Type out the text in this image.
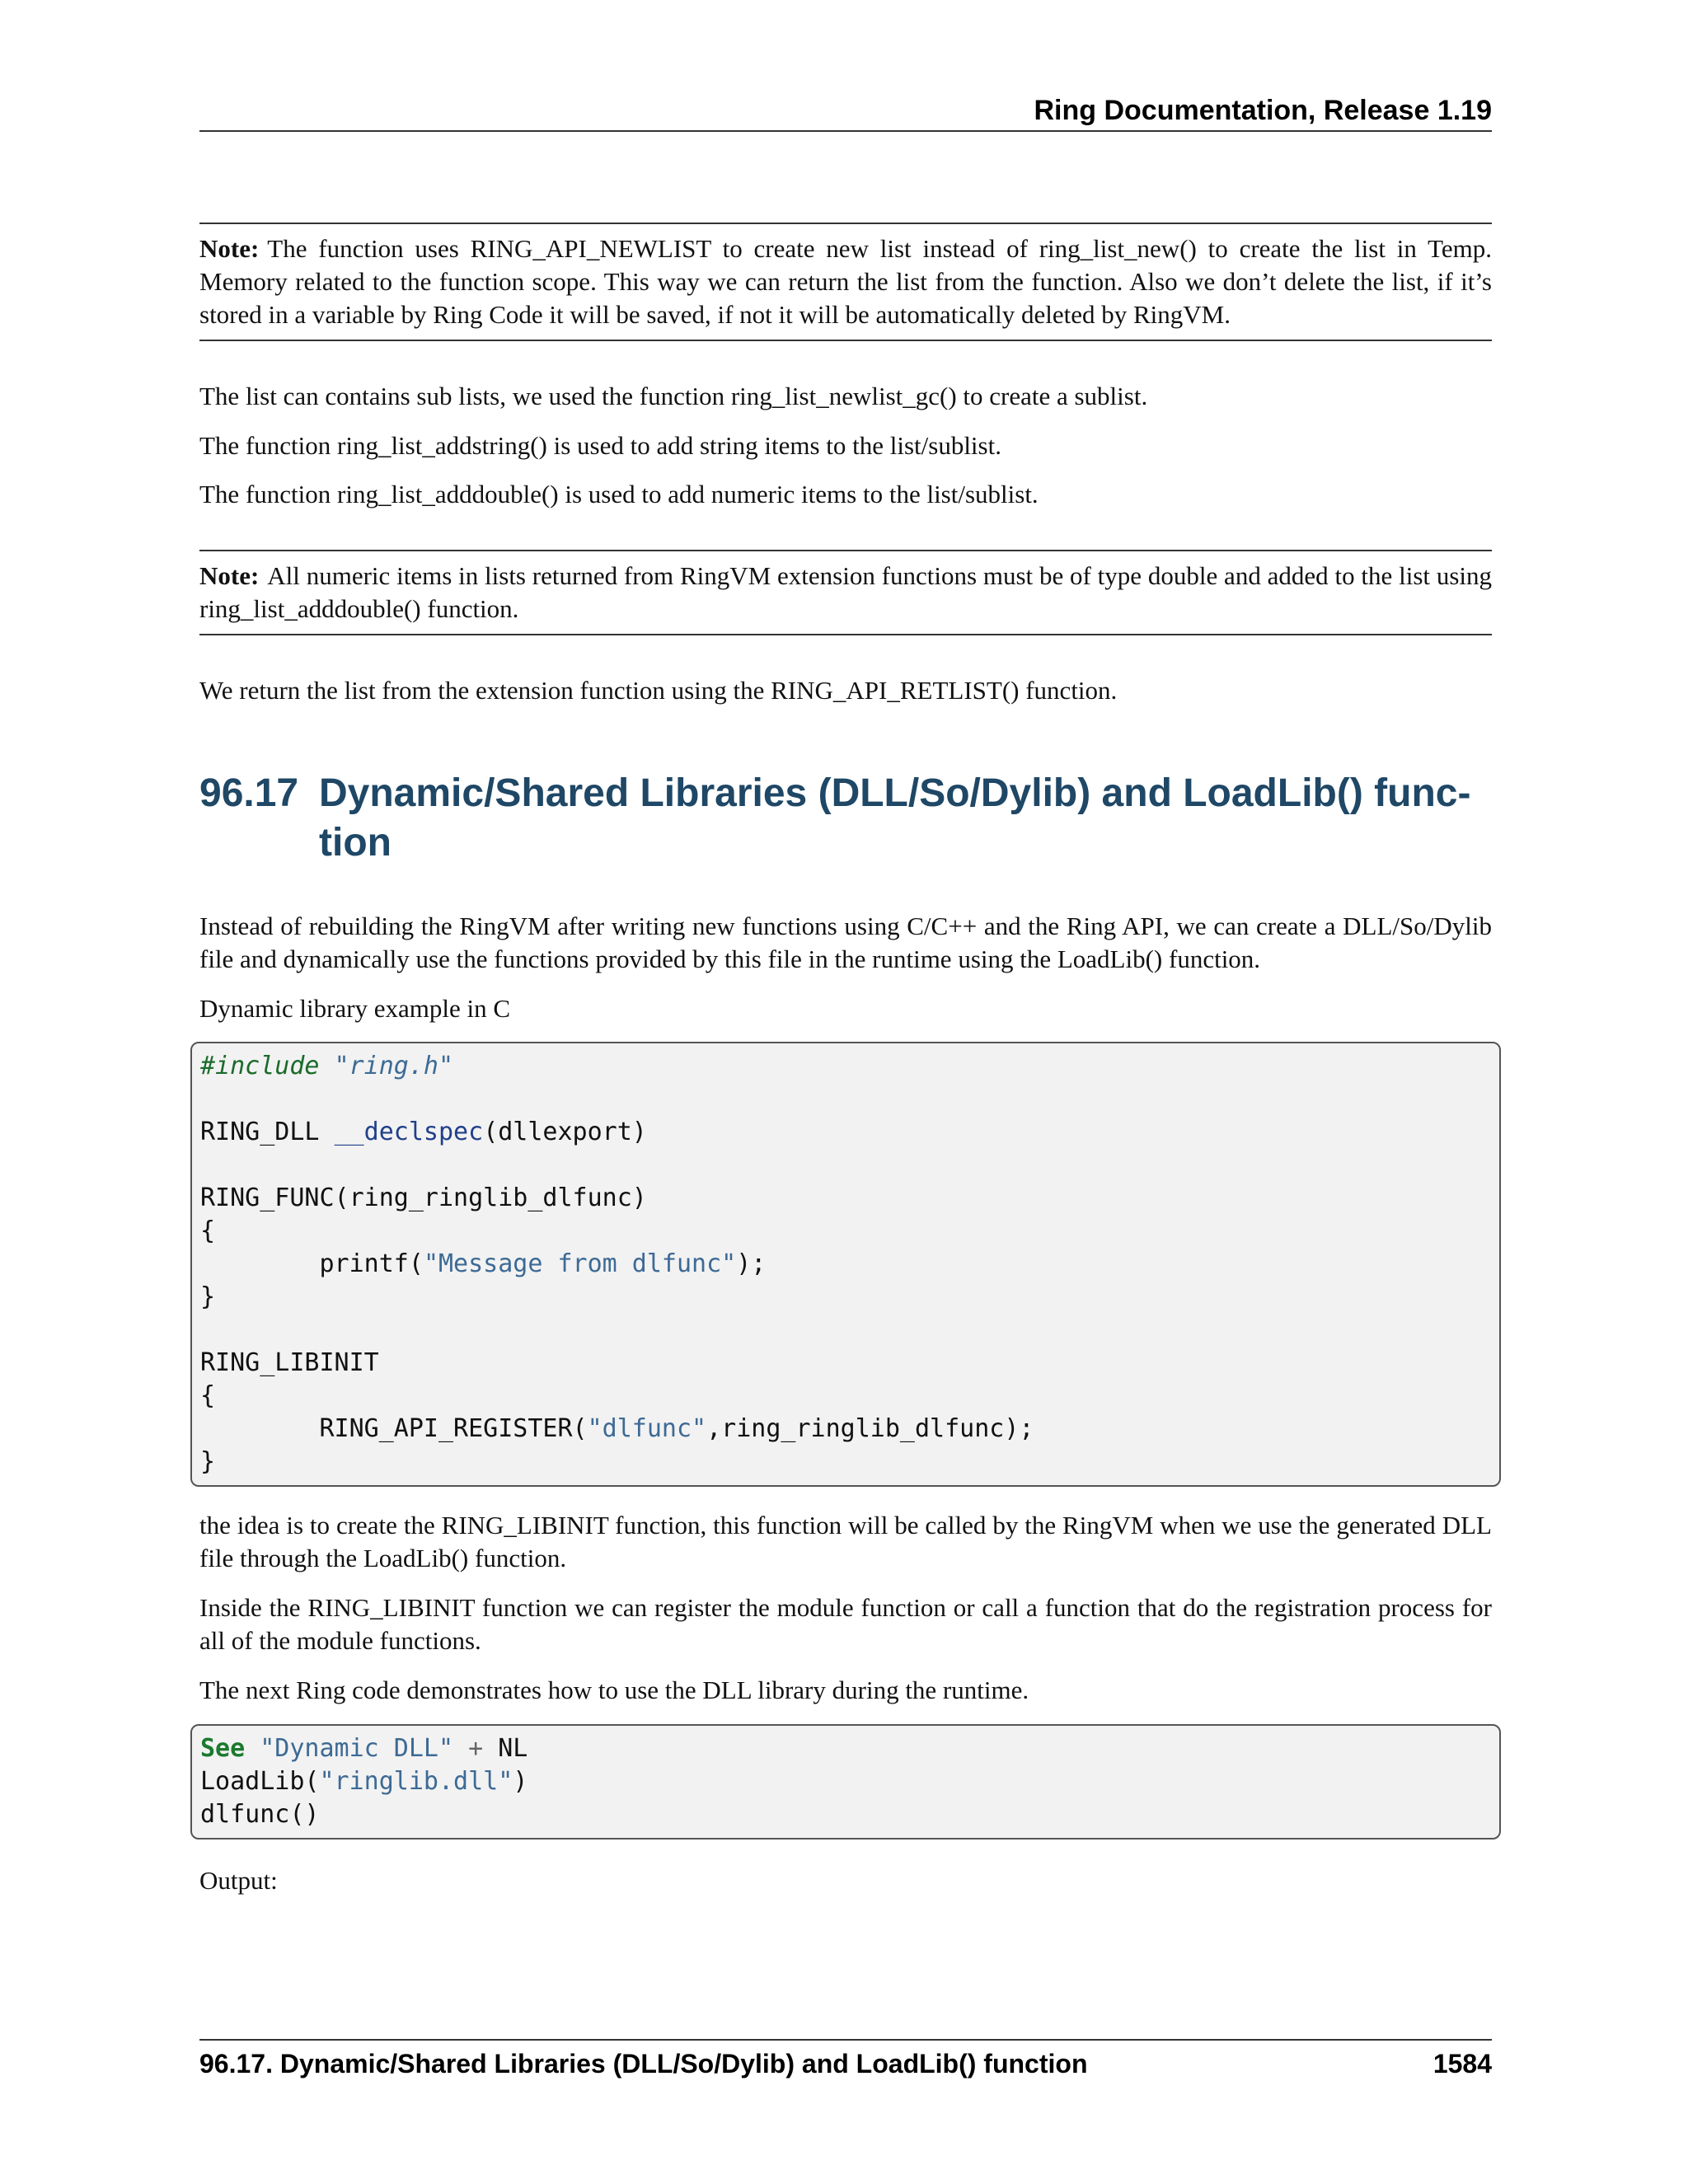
Ring Documentation, Release 1.19

Note: The function uses RING_API_NEWLIST to create new list instead of ring_list_new() to create the list in Temp. Memory related to the function scope. This way we can return the list from the function. Also we don’t delete the list, if it’s stored in a variable by Ring Code it will be saved, if not it will be automatically deleted by RingVM.

The list can contains sub lists, we used the function ring_list_newlist_gc() to create a sublist.

The function ring_list_addstring() is used to add string items to the list/sublist.

The function ring_list_adddouble() is used to add numeric items to the list/sublist.

Note: All numeric items in lists returned from RingVM extension functions must be of type double and added to the list using ring_list_adddouble() function.

We return the list from the extension function using the RING_API_RETLIST() function.

96.17 Dynamic/Shared Libraries (DLL/So/Dylib) and LoadLib() func- tion

Instead of rebuilding the RingVM after writing new functions using C/C++ and the Ring API, we can create a DLL/So/Dylib file and dynamically use the functions provided by this file in the runtime using the LoadLib() function.

Dynamic library example in C

#include "ring.h"
RING_DLL __declspec(dllexport)
RING_FUNC(ring_ringlib_dlfunc)
{
printf("Message from dlfunc");
}
RING_LIBINIT
{
RING_API_REGISTER("dlfunc",ring_ringlib_dlfunc);
}

the idea is to create the RING_LIBINIT function, this function will be called by the RingVM when we use the generated DLL file through the LoadLib() function.

Inside the RING_LIBINIT function we can register the module function or call a function that do the registration process for all of the module functions.

The next Ring code demonstrates how to use the DLL library during the runtime.

See "Dynamic DLL" + NL
LoadLib("ringlib.dll")
dlfunc()

Output:

96.17. Dynamic/Shared Libraries (DLL/So/Dylib) and LoadLib() function	1584
